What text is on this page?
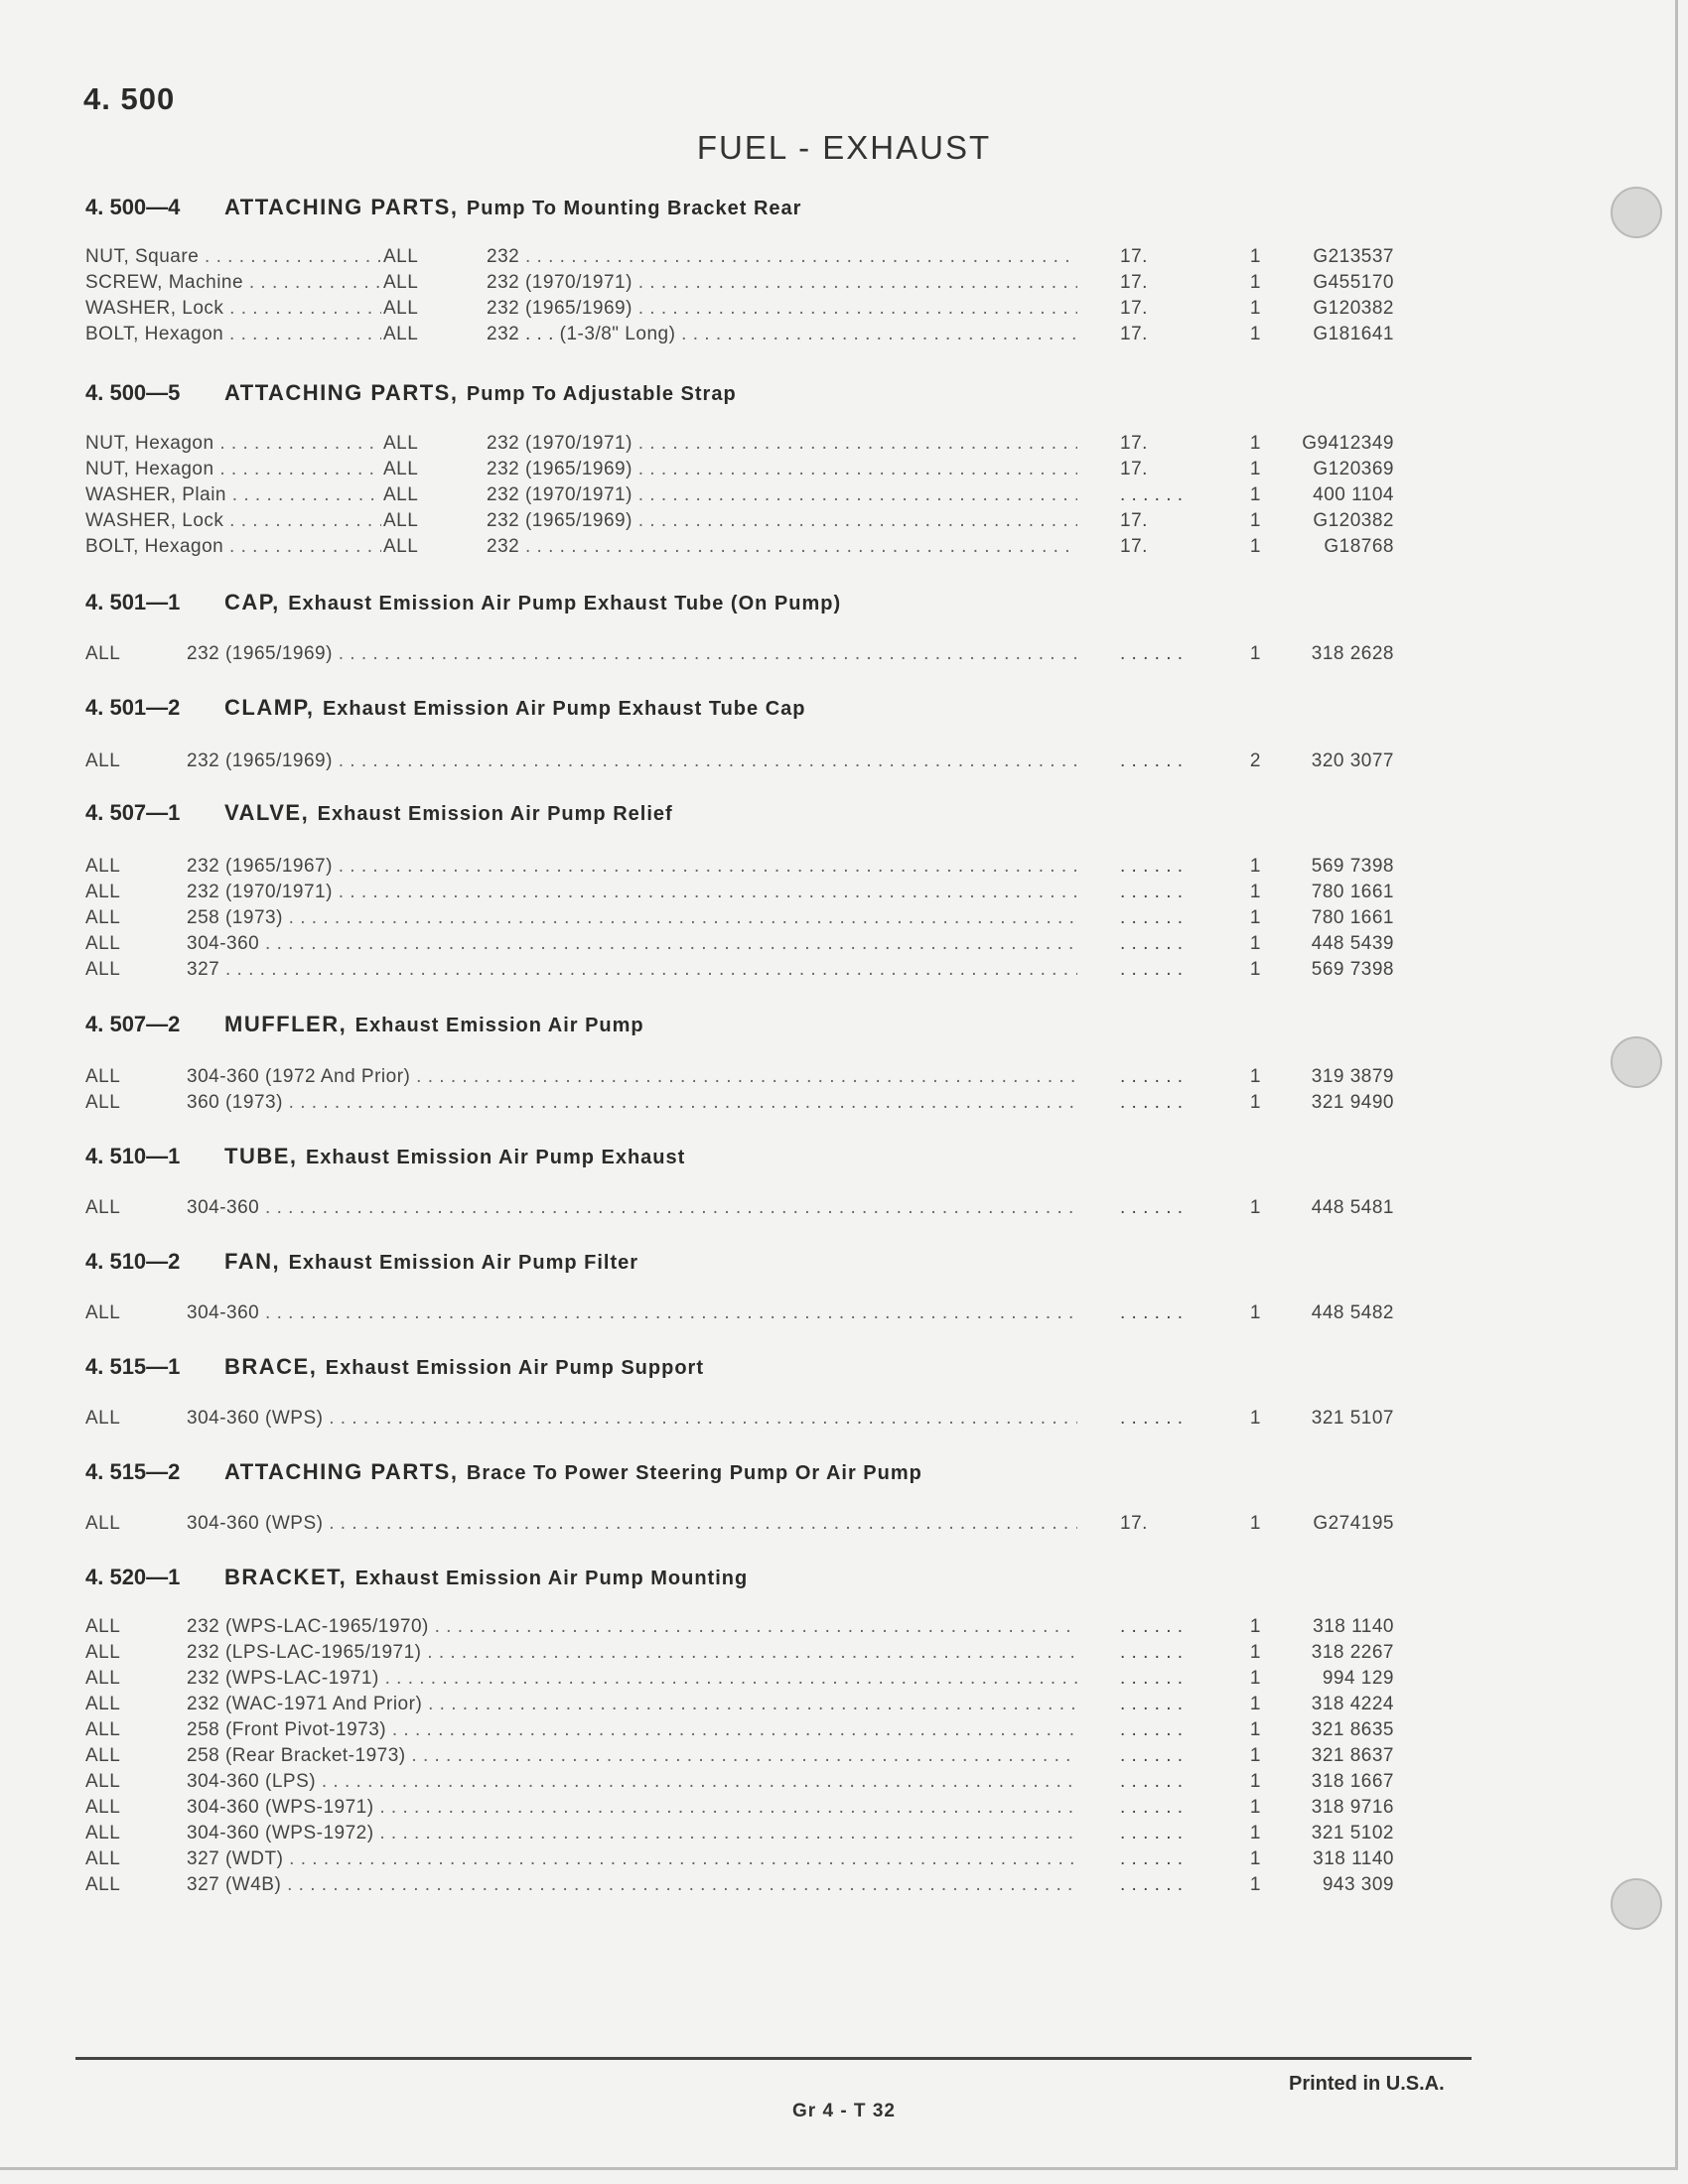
4. 500
FUEL - EXHAUST
4. 500—4 ATTACHING PARTS, Pump To Mounting Bracket Rear
NUT, Square . . .	ALL	232 . . .	17.	1	G213537
SCREW, Machine . . .	ALL	232 (1970/1971) . . .	17.	1	G455170
WASHER, Lock . . .	ALL	232 (1965/1969) . . .	17.	1	G120382
BOLT, Hexagon . . .	ALL	232 . . . (1-3/8" Long) . . .	17.	1	G181641
4. 500—5 ATTACHING PARTS, Pump To Adjustable Strap
NUT, Hexagon . . .	ALL	232 (1970/1971) . . .	17.	1	G9412349
NUT, Hexagon . . .	ALL	232 (1965/1969) . . .	17.	1	G120369
WASHER, Plain . . .	ALL	232 (1970/1971) . . .	. . . . . .	1	400 1104
WASHER, Lock . . .	ALL	232 (1965/1969) . . .	17.	1	G120382
BOLT, Hexagon . . .	ALL	232 . . .	17.	1	G18768
4. 501—1 CAP, Exhaust Emission Air Pump Exhaust Tube (On Pump)
ALL	232 (1965/1969) . . .	. . . . . .	1	318 2628
4. 501—2 CLAMP, Exhaust Emission Air Pump Exhaust Tube Cap
ALL	232 (1965/1969) . . .	. . . . . .	2	320 3077
4. 507—1 VALVE, Exhaust Emission Air Pump Relief
ALL	232 (1965/1967) . . .	. . . . . .	1	569 7398
ALL	232 (1970/1971) . . .	. . . . . .	1	780 1661
ALL	258 (1973) . . .	. . . . . .	1	780 1661
ALL	304-360 . . .	. . . . . .	1	448 5439
ALL	327 . . .	. . . . . .	1	569 7398
4. 507—2 MUFFLER, Exhaust Emission Air Pump
ALL	304-360 (1972 And Prior) . . .	. . . . . .	1	319 3879
ALL	360 (1973) . . .	. . . . . .	1	321 9490
4. 510—1 TUBE, Exhaust Emission Air Pump Exhaust
ALL	304-360 . . .	. . . . . .	1	448 5481
4. 510—2 FAN, Exhaust Emission Air Pump Filter
ALL	304-360 . . .	. . . . . .	1	448 5482
4. 515—1 BRACE, Exhaust Emission Air Pump Support
ALL	304-360 (WPS) . . .	. . . . . .	1	321 5107
4. 515—2 ATTACHING PARTS, Brace To Power Steering Pump Or Air Pump
ALL	304-360 (WPS) . . .	17.	1	G274195
4. 520—1 BRACKET, Exhaust Emission Air Pump Mounting
ALL	232 (WPS-LAC-1965/1970) . . .	. . . . . .	1	318 1140
ALL	232 (LPS-LAC-1965/1971) . . .	. . . . . .	1	318 2267
ALL	232 (WPS-LAC-1971) . . .	. . . . . .	1	994 129
ALL	232 (WAC-1971 And Prior) . . .	. . . . . .	1	318 4224
ALL	258 (Front Pivot-1973) . . .	. . . . . .	1	321 8635
ALL	258 (Rear Bracket-1973) . . .	. . . . . .	1	321 8637
ALL	304-360 (LPS) . . .	. . . . . .	1	318 1667
ALL	304-360 (WPS-1971) . . .	. . . . . .	1	318 9716
ALL	304-360 (WPS-1972) . . .	. . . . . .	1	321 5102
ALL	327 (WDT) . . .	. . . . . .	1	318 1140
ALL	327 (W4B) . . .	. . . . . .	1	943 309
Printed in U.S.A.
Gr 4 - T 32
